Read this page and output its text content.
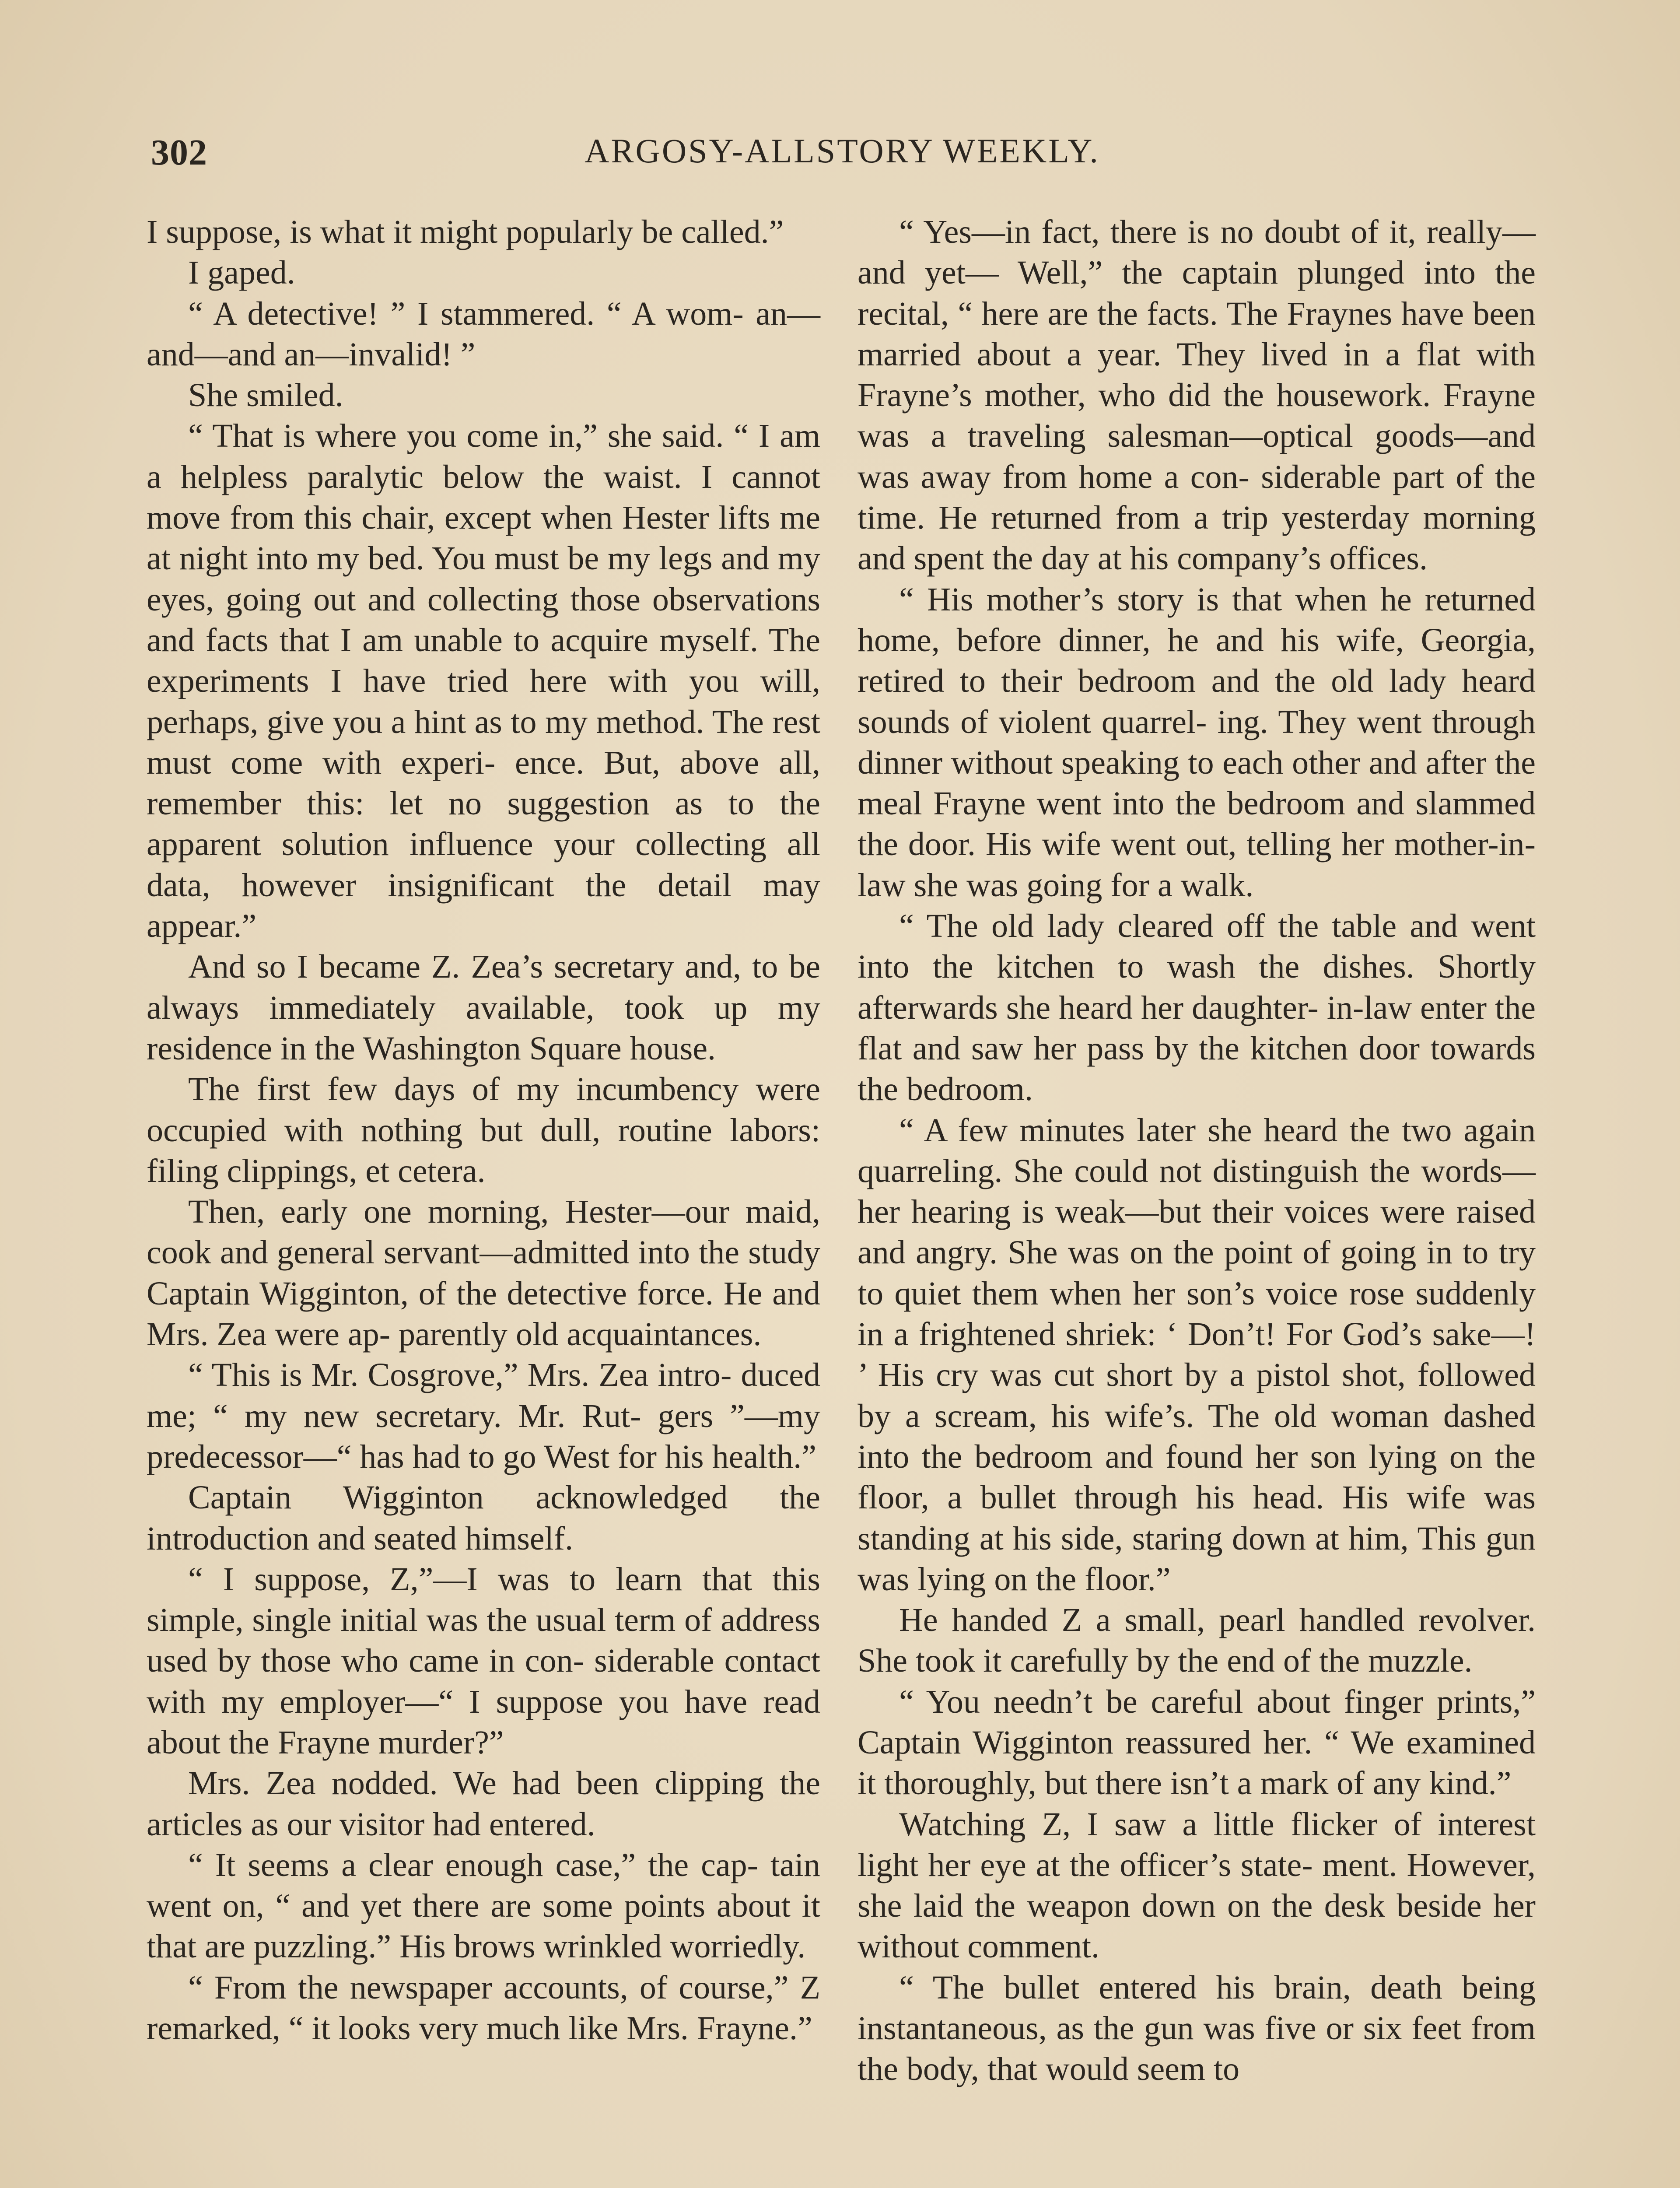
302	ARGOSY-ALLSTORY WEEKLY.

I suppose, is what it might popularly be called.”

I gaped.

“ A detective! ” I stammered. “ A wom- an—and—and an—invalid! ”

She smiled.

“ That is where you come in,” she said. “ I am a helpless paralytic below the waist. I cannot move from this chair, except when Hester lifts me at night into my bed. You must be my legs and my eyes, going out and collecting those observations and facts that I am unable to acquire myself. The experiments I have tried here with you will, perhaps, give you a hint as to my method. The rest must come with experi- ence. But, above all, remember this: let no suggestion as to the apparent solution influence your collecting all data, however insignificant the detail may appear.”

And so I became Z. Zea’s secretary and, to be always immediately available, took up my residence in the Washington Square house.

The first few days of my incumbency were occupied with nothing but dull, routine labors: filing clippings, et cetera.

Then, early one morning, Hester—our maid, cook and general servant—admitted into the study Captain Wigginton, of the detective force. He and Mrs. Zea were ap- parently old acquaintances.

“ This is Mr. Cosgrove,” Mrs. Zea intro- duced me; “ my new secretary. Mr. Rut- gers ”—my predecessor—“ has had to go West for his health.”

Captain Wigginton acknowledged the introduction and seated himself.

“ I suppose, Z,”—I was to learn that this simple, single initial was the usual term of address used by those who came in con- siderable contact with my employer—“ I suppose you have read about the Frayne murder?”

Mrs. Zea nodded. We had been clipping the articles as our visitor had entered.

“ It seems a clear enough case,” the cap- tain went on, “ and yet there are some points about it that are puzzling.” His brows wrinkled worriedly.

“ From the newspaper accounts, of course,” Z remarked, “ it looks very much like Mrs. Frayne.”

“ Yes—in fact, there is no doubt of it, really—and yet— Well,” the captain plunged into the recital, “ here are the facts. The Fraynes have been married about a year. They lived in a flat with Frayne’s mother, who did the housework. Frayne was a traveling salesman—optical goods—and was away from home a con- siderable part of the time. He returned from a trip yesterday morning and spent the day at his company’s offices.

“ His mother’s story is that when he returned home, before dinner, he and his wife, Georgia, retired to their bedroom and the old lady heard sounds of violent quarrel- ing. They went through dinner without speaking to each other and after the meal Frayne went into the bedroom and slammed the door. His wife went out, telling her mother-in-law she was going for a walk.

“ The old lady cleared off the table and went into the kitchen to wash the dishes. Shortly afterwards she heard her daughter- in-law enter the flat and saw her pass by the kitchen door towards the bedroom.

“ A few minutes later she heard the two again quarreling. She could not distinguish the words—her hearing is weak—but their voices were raised and angry. She was on the point of going in to try to quiet them when her son’s voice rose suddenly in a frightened shriek: ‘ Don’t! For God’s sake—! ’ His cry was cut short by a pistol shot, followed by a scream, his wife’s. The old woman dashed into the bedroom and found her son lying on the floor, a bullet through his head. His wife was standing at his side, staring down at him, This gun was lying on the floor.”

He handed Z a small, pearl handled revolver. She took it carefully by the end of the muzzle.

“ You needn’t be careful about finger prints,” Captain Wigginton reassured her. “ We examined it thoroughly, but there isn’t a mark of any kind.”

Watching Z, I saw a little flicker of interest light her eye at the officer’s state- ment. However, she laid the weapon down on the desk beside her without comment.

“ The bullet entered his brain, death being instantaneous, as the gun was five or six feet from the body, that would seem to
